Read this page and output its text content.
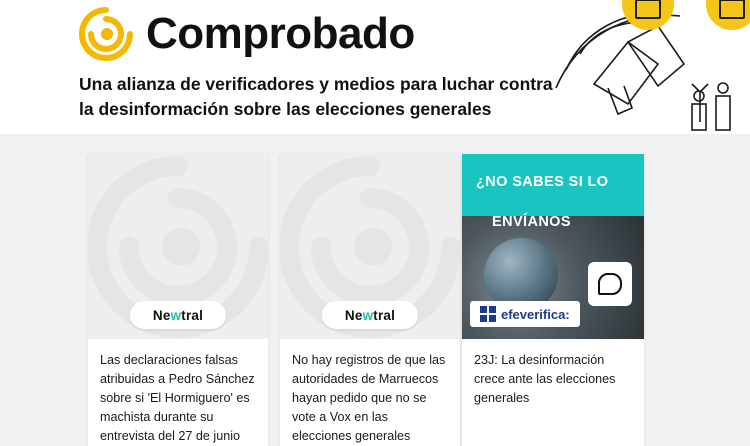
Comprobado
Una alianza de verificadores y medios para luchar contra
la desinformación sobre las elecciones generales
Newtral
Las declaraciones falsas atribuidas a Pedro Sánchez sobre si 'El Hormiguero' es machista durante su entrevista del 27 de junio
Newtral
No hay registros de que las autoridades de Marruecos hayan pedido que no se vote a Vox en las elecciones generales
¿NO SABES SI LO
ENVÍANOS
efeverifica:
23J: La desinformación crece ante las elecciones generales
